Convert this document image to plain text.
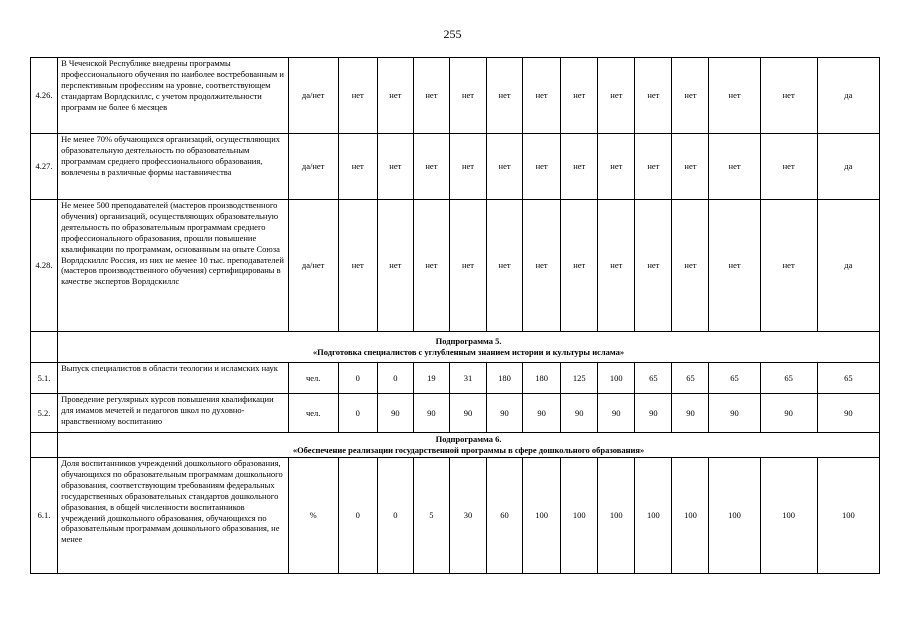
255
4.26.	В Чеченской Республике внедрены программы профессионального обучения по наиболее востребованным и перспективным профессиям на уровне, соответствующем стандартам Ворлдскиллс, с учетом продолжительности программ не более 6 месяцев	да/нет	нет	нет	нет	нет	нет	нет	нет	нет	нет	нет	нет	нет	да
4.27.	Не менее 70% обучающихся организаций, осуществляющих образовательную деятельность по образовательным программам среднего профессионального образования, вовлечены в различные формы наставничества	да/нет	нет	нет	нет	нет	нет	нет	нет	нет	нет	нет	нет	нет	да
4.28.	Не менее 500 преподавателей (мастеров производственного обучения) организаций, осуществляющих образовательную деятельность по образовательным программам среднего профессионального образования, прошли повышение квалификации по программам, основанным на опыте Союза Ворлдскиллс Россия, из них не менее 10 тыс. преподавателей (мастеров производственного обучения) сертифицированы в качестве экспертов Ворлдскиллс	да/нет	нет	нет	нет	нет	нет	нет	нет	нет	нет	нет	нет	нет	да

	Подпрограмма 5.
«Подготовка специалистов с углубленным знанием истории и культуры ислама»														

5.1.	Выпуск специалистов в области теологии и исламских наук	чел.	0	0	19	31	180	180	125	100	65	65	65	65	65
5.2.	Проведение регулярных курсов повышения квалификации для имамов мечетей и педагогов школ по духовно-нравственному воспитанию	чел.	0	90	90	90	90	90	90	90	90	90	90	90	90

	Подпрограмма 6.
«Обеспечение реализации государственной программы в сфере дошкольного образования»														

6.1.	Доля воспитанников учреждений дошкольного образования, обучающихся по образовательным программам дошкольного образования, соответствующим требованиям федеральных государственных образовательных стандартов дошкольного образования, в общей численности воспитанников учреждений дошкольного образования, обучающихся по образовательным программам дошкольного образования, не менее	%	0	0	5	30	60	100	100	100	100	100	100	100	100
